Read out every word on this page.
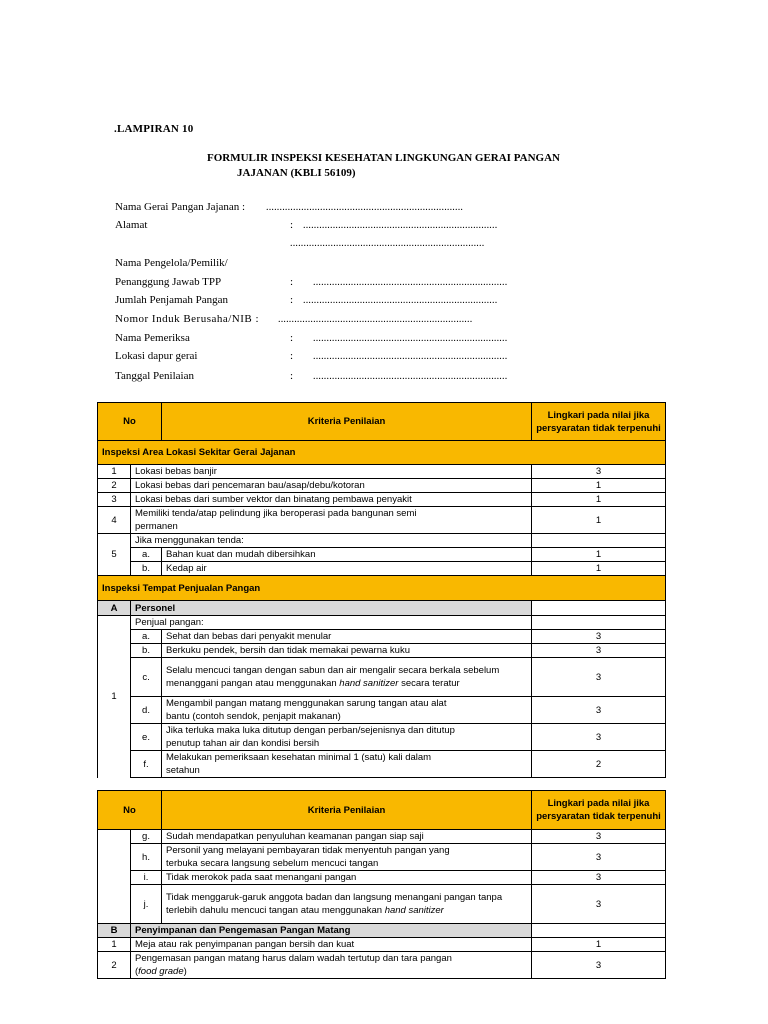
.LAMPIRAN 10
FORMULIR INSPEKSI KESEHATAN LINGKUNGAN GERAI PANGAN
JAJANAN (KBLI 56109)
Nama Gerai Pangan Jajanan : .........................................................................
Alamat	: ........................................................................
........................................................................
Nama Pengelola/Pemilik/
Penanggung Jawab TPP	: ........................................................................
Jumlah Penjamah Pangan	: ........................................................................
Nomor Induk Berusaha/NIB : ........................................................................
Nama Pemeriksa	: ........................................................................
Lokasi dapur gerai	: ........................................................................
Tanggal Penilaian	: ........................................................................
No		Kriteria Penilaian	Lingkari pada nilai jika persyaratan tidak terpenuhi
Inspeksi Area Lokasi Sekitar Gerai Jajanan			
1	Lokasi bebas banjir		3
2	Lokasi bebas dari pencemaran bau/asap/debu/kotoran		1
3	Lokasi bebas dari sumber vektor dan binatang pembawa penyakit		1
4	Memiliki tenda/atap pelindung jika beroperasi pada bangunan semi permanen		1
5	Jika menggunakan tenda:		
	a.	Bahan kuat dan mudah dibersihkan	1
	b.	Kedap air	1
Inspeksi Tempat Penjualan Pangan			
A	Personel		
1	Penjual pangan:		
	a.	Sehat dan bebas dari penyakit menular	3
	b.	Berkuku pendek, bersih dan tidak memakai pewarna kuku	3
	c.	Selalu mencuci tangan dengan sabun dan air mengalir secara berkala sebelum menanggani pangan atau menggunakan hand sanitizer secara teratur	3
	d.	Mengambil pangan matang menggunakan sarung tangan atau alat bantu (contoh sendok, penjapit makanan)	3
	e.	Jika terluka maka luka ditutup dengan perban/sejenisnya dan ditutup penutup tahan air dan kondisi bersih	3
	f.	Melakukan pemeriksaan kesehatan minimal 1 (satu) kali dalam setahun	2
No		Kriteria Penilaian	Lingkari pada nilai jika persyaratan tidak terpenuhi
	g.	Sudah mendapatkan penyuluhan keamanan pangan siap saji	3
	h.	Personil yang melayani pembayaran tidak menyentuh pangan yang terbuka secara langsung sebelum mencuci tangan	3
	i.	Tidak merokok pada saat menangani pangan	3
	j.	Tidak menggaruk-garuk anggota badan dan langsung menangani pangan tanpa terlebih dahulu mencuci tangan atau menggunakan hand sanitizer	3
B	Penyimpanan dan Pengemasan Pangan Matang		
1	Meja atau rak penyimpanan pangan bersih dan kuat		1
2	Pengemasan pangan matang harus dalam wadah tertutup dan tara pangan (food grade)		3
